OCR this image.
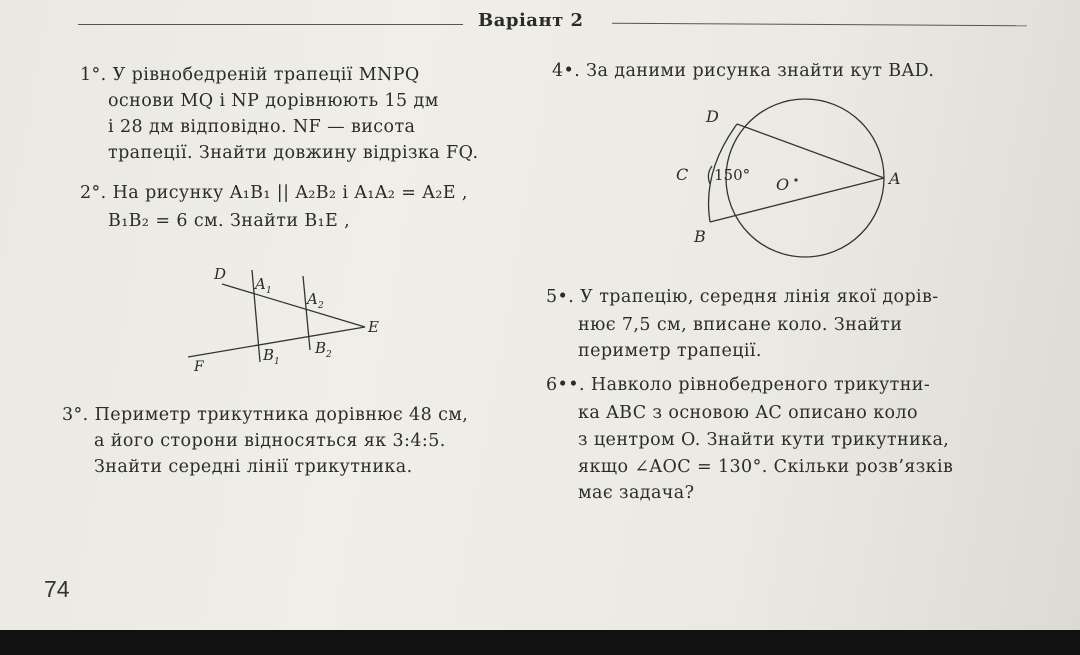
Варіант 2
1°. У рівнобедреній трапеції MNPQ
основи MQ і NP дорівнюють 15 дм
і 28 дм відповідно. NF — висота
трапеції. Знайти довжину відрізка FQ.
2°. На рисунку A₁B₁ || A₂B₂ і A₁A₂ = A₂E ,
B₁B₂ = 6 см. Знайти B₁E ,
D
A 1 A 2
E
F
B 1
B 2
3°. Периметр трикутника дорівнює 48 см,
а його сторони відносяться як 3:4:5.
Знайти середні лінії трикутника.
4•. За даними рисунка знайти кут BAD.
D
C 150° O	A
B
5•. У трапецію, середня лінія якої дорів-
нює 7,5 см, вписане коло. Знайти
периметр трапеції.
6••. Навколо рівнобедреного трикутни-
ка ABC з основою AC описано коло
з центром O. Знайти кути трикутника,
якщо ∠AOC = 130°. Скільки розв’язків
має задача?
74
